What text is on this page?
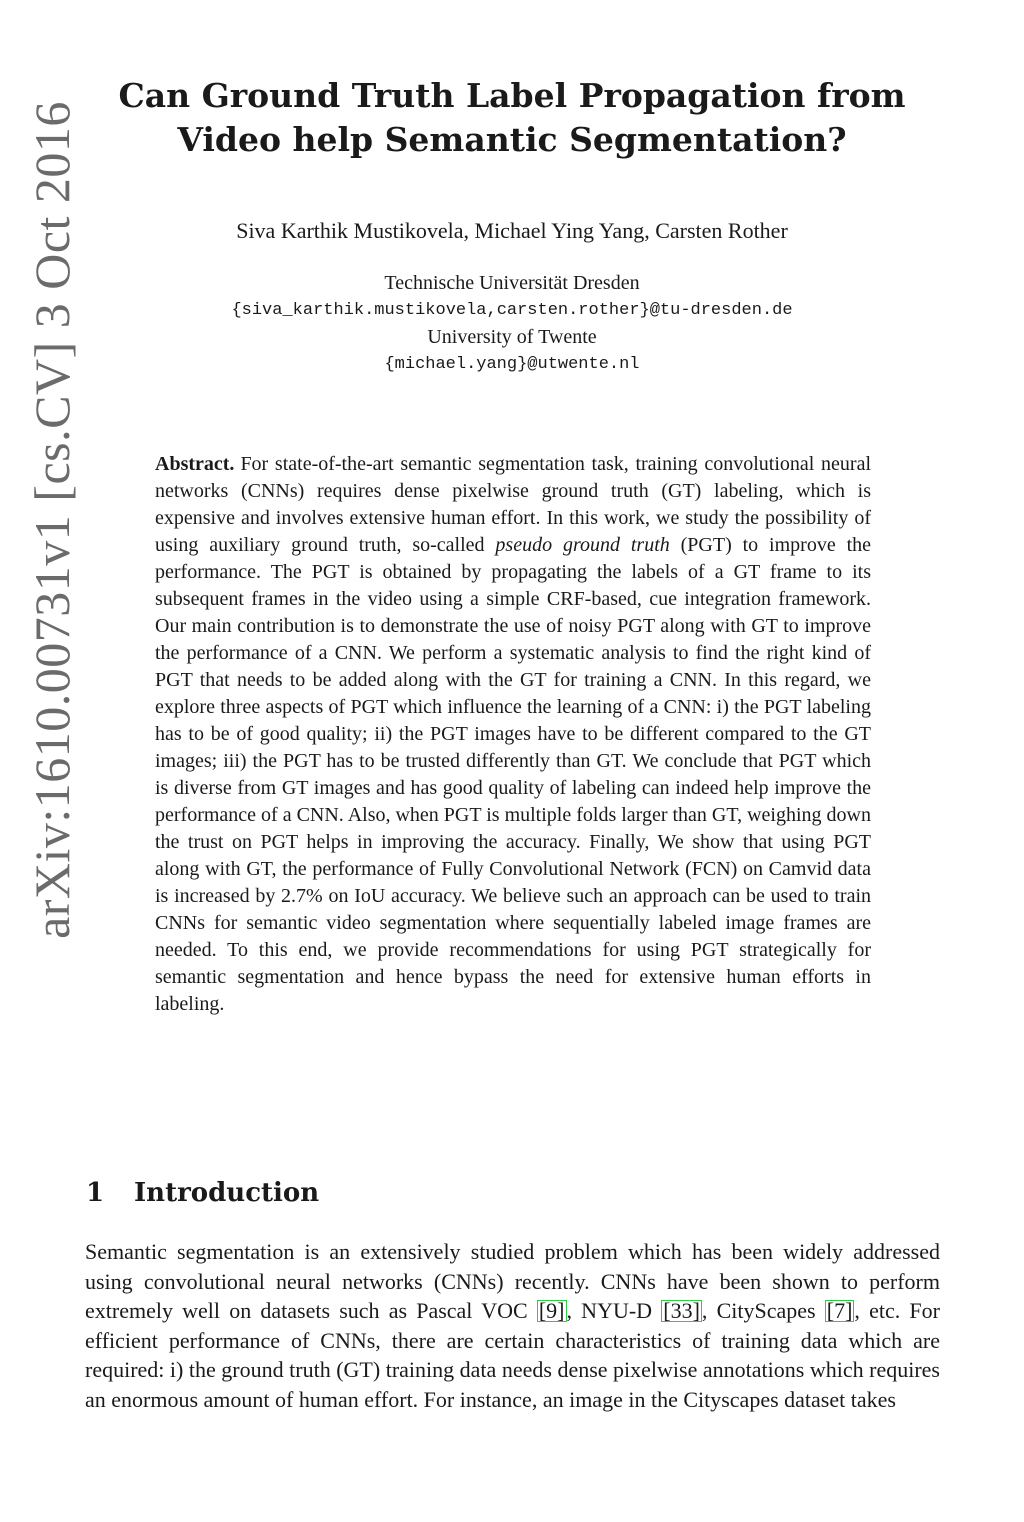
arXiv:1610.00731v1 [cs.CV] 3 Oct 2016
Can Ground Truth Label Propagation from
Video help Semantic Segmentation?
Siva Karthik Mustikovela, Michael Ying Yang, Carsten Rother
Technische Universität Dresden
{siva_karthik.mustikovela,carsten.rother}@tu-dresden.de
University of Twente
{michael.yang}@utwente.nl

Abstract. For state-of-the-art semantic segmentation task, training convolutional neural networks (CNNs) requires dense pixelwise ground truth (GT) labeling, which is expensive and involves extensive human effort. In this work, we study the possibility of using auxiliary ground truth, so-called pseudo ground truth (PGT) to improve the performance. The PGT is obtained by propagating the labels of a GT frame to its subsequent frames in the video using a simple CRF-based, cue integration framework. Our main contribution is to demonstrate the use of noisy PGT along with GT to improve the performance of a CNN. We perform a systematic analysis to find the right kind of PGT that needs to be added along with the GT for training a CNN. In this regard, we explore three aspects of PGT which influence the learning of a CNN: i) the PGT labeling has to be of good quality; ii) the PGT images have to be different compared to the GT images; iii) the PGT has to be trusted differently than GT. We conclude that PGT which is diverse from GT images and has good quality of labeling can indeed help improve the performance of a CNN. Also, when PGT is multiple folds larger than GT, weighing down the trust on PGT helps in improving the accuracy. Finally, We show that using PGT along with GT, the performance of Fully Convolutional Network (FCN) on Camvid data is increased by 2.7% on IoU accuracy. We believe such an approach can be used to train CNNs for semantic video segmentation where sequentially labeled image frames are needed. To this end, we provide recommendations for using PGT strategically for semantic segmentation and hence bypass the need for extensive human efforts in labeling.

1 Introduction

Semantic segmentation is an extensively studied problem which has been widely addressed using convolutional neural networks (CNNs) recently. CNNs have been shown to perform extremely well on datasets such as Pascal VOC [9], NYU-D [33], CityScapes [7], etc. For efficient performance of CNNs, there are certain characteristics of training data which are required: i) the ground truth (GT) training data needs dense pixelwise annotations which requires an enormous amount of human effort. For instance, an image in the Cityscapes dataset takes
